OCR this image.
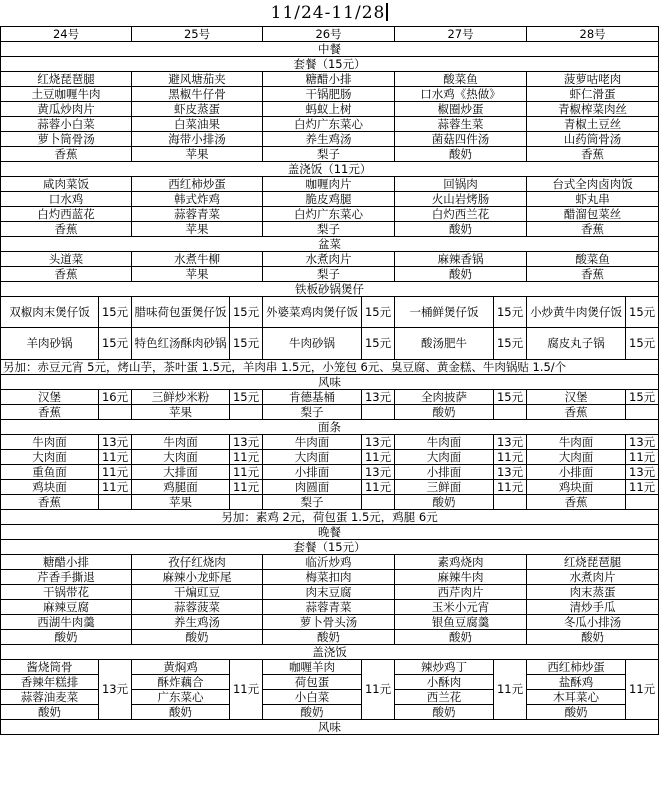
11/24-11/28
24号		25号		26号		27号		28号	
中餐									
套餐（15元）									
红烧琵琶腿		避风塘茄夹		糖醋小排		酸菜鱼		菠萝咕咾肉	
土豆咖喱牛肉		黑椒牛仔骨		干锅肥肠		口水鸡《热做》		虾仁滑蛋	
黄瓜炒肉片		虾皮蒸蛋		蚂蚁上树		椒圈炒蛋		青椒榨菜肉丝	
蒜蓉小白菜		白菜油果		白灼广东菜心		蒜蓉生菜		青椒土豆丝	
萝卜筒骨汤		海带小排汤		养生鸡汤		菌菇四件汤		山药筒骨汤	
香蕉		苹果		梨子		酸奶		香蕉	
盖浇饭（11元）									
咸肉菜饭		西红柿炒蛋		咖喱肉片		回锅肉		台式全肉卤肉饭	
口水鸡		韩式炸鸡		脆皮鸡腿		火山岩烤肠		虾丸串	
白灼西蓝花		蒜蓉青菜		白灼广东菜心		白灼西兰花		醋溜包菜丝	
香蕉		苹果		梨子		酸奶		香蕉	
盆菜									
头道菜		水煮牛柳		水煮肉片		麻辣香锅		酸菜鱼	
香蕉		苹果		梨子		酸奶		香蕉	
铁板砂锅煲仔									
双椒肉末煲仔饭	15元	腊味荷包蛋煲仔饭	15元	外婆菜鸡肉煲仔饭	15元	一桶鲜煲仔饭	15元	小炒黄牛肉煲仔饭	15元
羊肉砂锅	15元	特色红汤酥肉砂锅	15元	牛肉砂锅	15元	酸汤肥牛	15元	腐皮丸子锅	15元
另加：赤豆元宵 5元，烤山芋，茶叶蛋 1.5元，羊肉串 1.5元，小笼包 6元、臭豆腐、黄金糕、牛肉锅贴 1.5/个									
风味									
汉堡	16元	三鲜炒米粉	15元	肯德基桶	13元	全肉披萨	15元	汉堡	15元
香蕉		苹果		梨子		酸奶		香蕉	
面条									
牛肉面	13元	牛肉面	13元	牛肉面	13元	牛肉面	13元	牛肉面	13元
大肉面	11元	大肉面	11元	大肉面	11元	大肉面	11元	大肉面	11元
重鱼面	11元	大排面	11元	小排面	13元	小排面	13元	小排面	13元
鸡块面	11元	鸡腿面	11元	肉圆面	11元	三鲜面	11元	鸡块面	11元
香蕉		苹果		梨子		酸奶		香蕉	
另加：素鸡 2元，荷包蛋 1.5元，鸡腿 6元									
晚餐									
套餐（15元）									
糖醋小排		孜仔红烧肉		临沂炒鸡		素鸡烧肉		红烧琵琶腿	
芹香手撕退		麻辣小龙虾尾		梅菜扣肉		麻辣牛肉		水煮肉片	
干锅带花		干煸豇豆		肉末豆腐		西芹肉片		肉末蒸蛋	
麻辣豆腐		蒜蓉菠菜		蒜蓉青菜		玉米小元宵		清炒手瓜	
西湖牛肉羹		养生鸡汤		萝卜骨头汤		银鱼豆腐羹		冬瓜小排汤	
酸奶		酸奶		酸奶		酸奶		酸奶	
盖浇饭									
酱烧筒骨	13元	黄焖鸡	11元	咖喱羊肉	11元	辣炒鸡丁	11元	西红柿炒蛋	11元
香辣年糕排		酥炸藕合		荷包蛋		小酥肉		盐酥鸡	
蒜蓉油麦菜		广东菜心		小白菜		西兰花		木耳菜心	
酸奶		酸奶		酸奶		酸奶		酸奶	
风味									
